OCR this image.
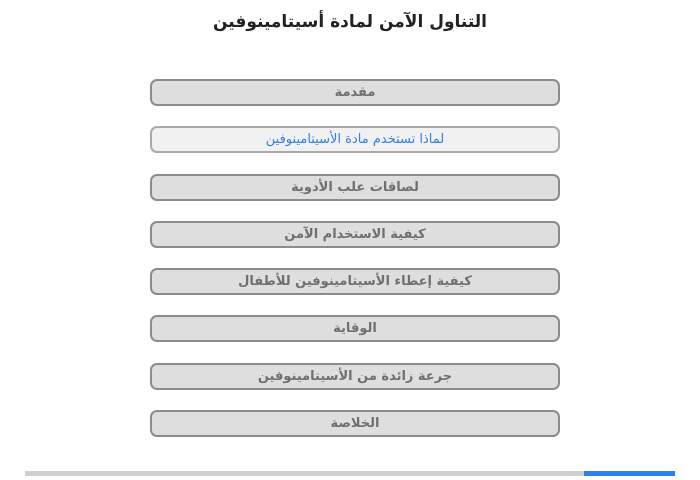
التناول الآمن لمادة أسيتامينوفين
مقدمة
لماذا تستخدم مادة الأسيتامينوفين
لصاقات علب الأدوية
كيفية الاستخدام الآمن
كيفية إعطاء الأسيتامينوفين للأطفال
الوقاية
جرعة زائدة من الأسيتامينوفين
الخلاصة
